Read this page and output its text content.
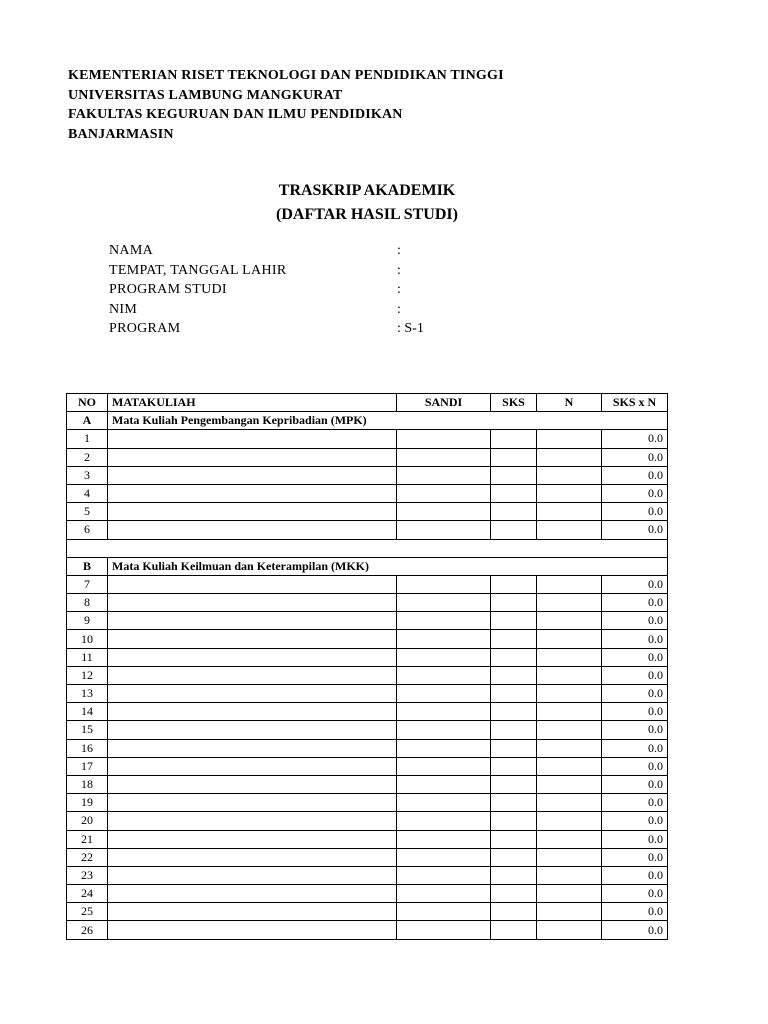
KEMENTERIAN RISET TEKNOLOGI DAN PENDIDIKAN TINGGI
UNIVERSITAS LAMBUNG MANGKURAT
FAKULTAS KEGURUAN DAN ILMU PENDIDIKAN
BANJARMASIN
TRASKRIP AKADEMIK
(DAFTAR HASIL STUDI)
NAMA	:
TEMPAT, TANGGAL LAHIR	:
PROGRAM STUDI	:
NIM	:
PROGRAM	: S-1
NO	MATAKULIAH	SANDI	SKS	N	SKS x N
A	Mata Kuliah Pengembangan Kepribadian (MPK)				
1					0.0
2					0.0
3					0.0
4					0.0
5					0.0
6					0.0

B	Mata Kuliah Keilmuan dan Keterampilan (MKK)				
7					0.0
8					0.0
9					0.0
10					0.0
11					0.0
12					0.0
13					0.0
14					0.0
15					0.0
16					0.0
17					0.0
18					0.0
19					0.0
20					0.0
21					0.0
22					0.0
23					0.0
24					0.0
25					0.0
26					0.0
